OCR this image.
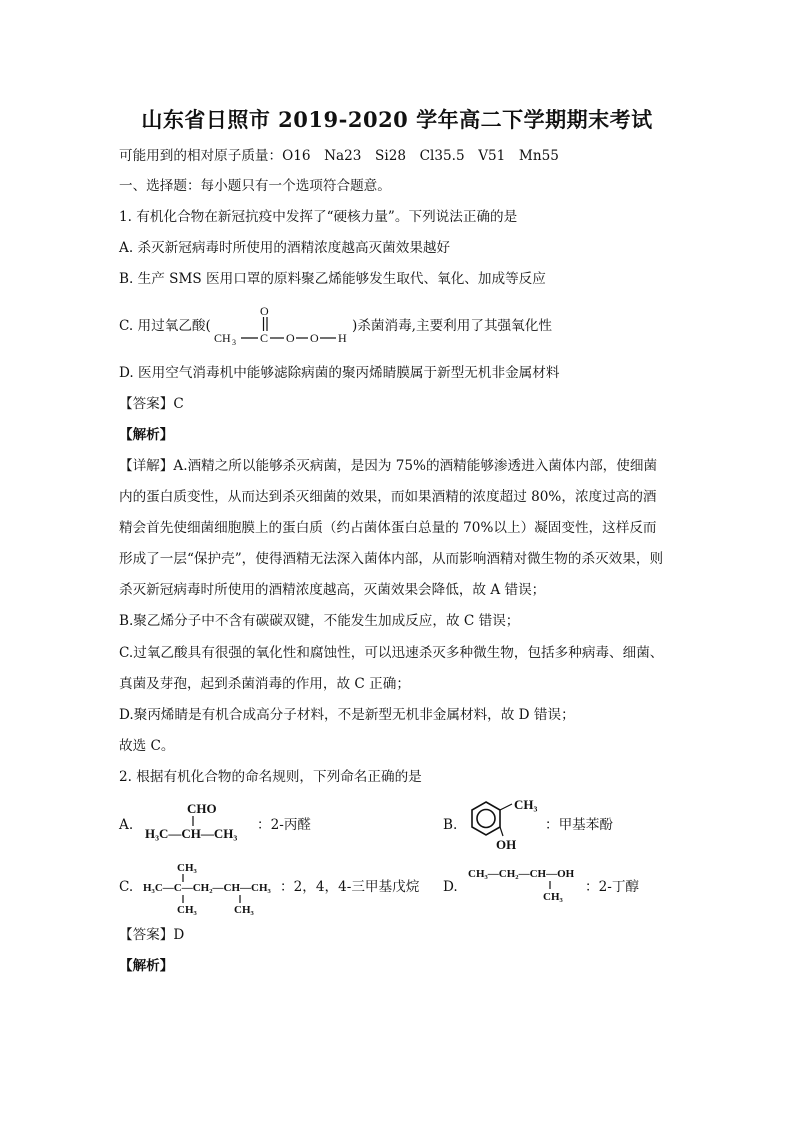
山东省日照市 2019-2020 学年高二下学期期末考试
可能用到的相对原子质量：O16　Na23　Si28　Cl35.5　V51　Mn55
一、选择题：每小题只有一个选项符合题意。
1. 有机化合物在新冠抗疫中发挥了“硬核力量”。下列说法正确的是
A. 杀灭新冠病毒时所使用的酒精浓度越高灭菌效果越好
B. 生产 SMS 医用口罩的原料聚乙烯能够发生取代、氧化、加成等反应
C. 用过氧乙酸(
CH 3 C
O
O O H
)杀菌消毒,主要利用了其强氧化性
D. 医用空气消毒机中能够滤除病菌的聚丙烯睛膜属于新型无机非金属材料
【答案】C
【解析】
【详解】A.酒精之所以能够杀灭病菌，是因为 75%的酒精能够渗透进入菌体内部，使细菌
内的蛋白质变性，从而达到杀灭细菌的效果，而如果酒精的浓度超过 80%，浓度过高的酒
精会首先使细菌细胞膜上的蛋白质（约占菌体蛋白总量的 70%以上）凝固变性，这样反而
形成了一层“保护壳”，使得酒精无法深入菌体内部，从而影响酒精对微生物的杀灭效果，则
杀灭新冠病毒时所使用的酒精浓度越高，灭菌效果会降低，故 A 错误；
B.聚乙烯分子中不含有碳碳双键，不能发生加成反应，故 C 错误；
C.过氧乙酸具有很强的氧化性和腐蚀性，可以迅速杀灭多种微生物，包括多种病毒、细菌、
真菌及芽孢，起到杀菌消毒的作用，故 C 正确；
D.聚丙烯睛是有机合成高分子材料，不是新型无机非金属材料，故 D 错误；
故选 C。
2. 根据有机化合物的命名规则，下列命名正确的是
A.
CHO
H₃C—CH—CH₃
：2-丙醛	B.
CH₃
OH
：甲基苯酚
C.
CH₃
H₃C—C—CH₂—CH—CH₃
CH₃	CH₃
：2，4，4-三甲基戊烷 D.
CH₃—CH₂—CH—OH
CH₃
：2-丁醇
【答案】D
【解析】
